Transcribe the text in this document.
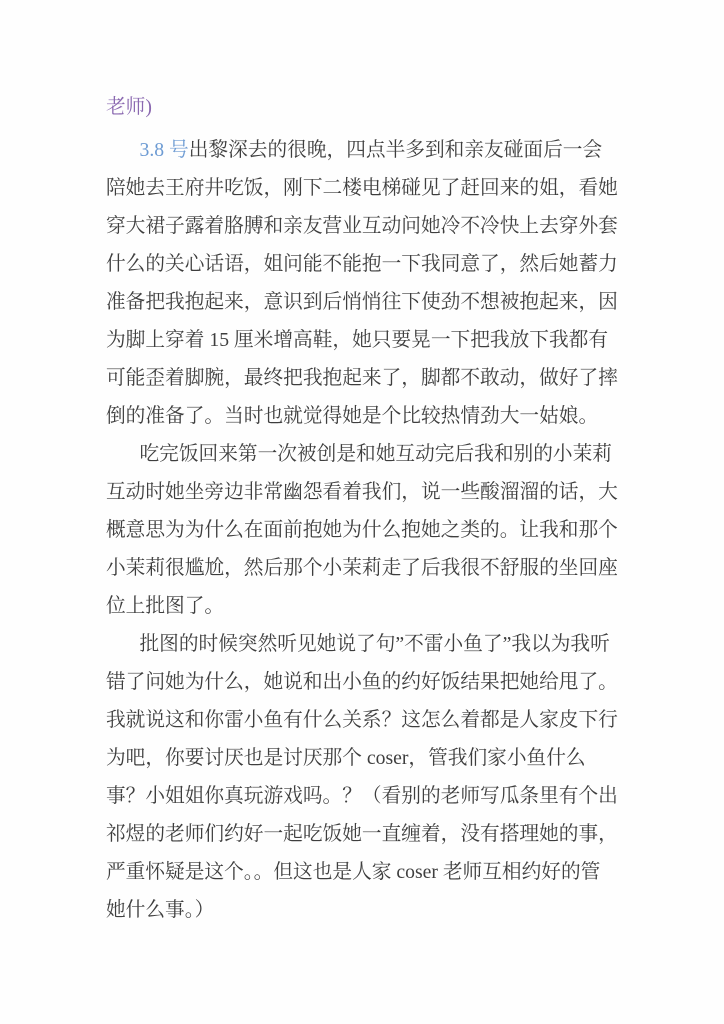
老师)

3.8 号出黎深去的很晚，四点半多到和亲友碰面后一会陪她去王府井吃饭，刚下二楼电梯碰见了赶回来的姐，看她穿大裙子露着胳膊和亲友营业互动问她冷不冷快上去穿外套什么的关心话语，姐问能不能抱一下我同意了，然后她蓄力准备把我抱起来，意识到后悄悄往下使劲不想被抱起来，因为脚上穿着 15 厘米增高鞋，她只要晃一下把我放下我都有可能歪着脚腕，最终把我抱起来了，脚都不敢动，做好了摔倒的准备了。当时也就觉得她是个比较热情劲大一姑娘。

吃完饭回来第一次被创是和她互动完后我和别的小茉莉互动时她坐旁边非常幽怨看着我们，说一些酸溜溜的话，大概意思为为什么在面前抱她为什么抱她之类的。让我和那个小茉莉很尴尬，然后那个小茉莉走了后我很不舒服的坐回座位上批图了。

批图的时候突然听见她说了句”不雷小鱼了”我以为我听错了问她为什么，她说和出小鱼的约好饭结果把她给甩了。我就说这和你雷小鱼有什么关系？这怎么着都是人家皮下行为吧，你要讨厌也是讨厌那个 coser，管我们家小鱼什么事？小姐姐你真玩游戏吗。？（看别的老师写瓜条里有个出祁煜的老师们约好一起吃饭她一直缠着，没有搭理她的事，严重怀疑是这个。。但这也是人家 coser 老师互相约好的管她什么事。）
